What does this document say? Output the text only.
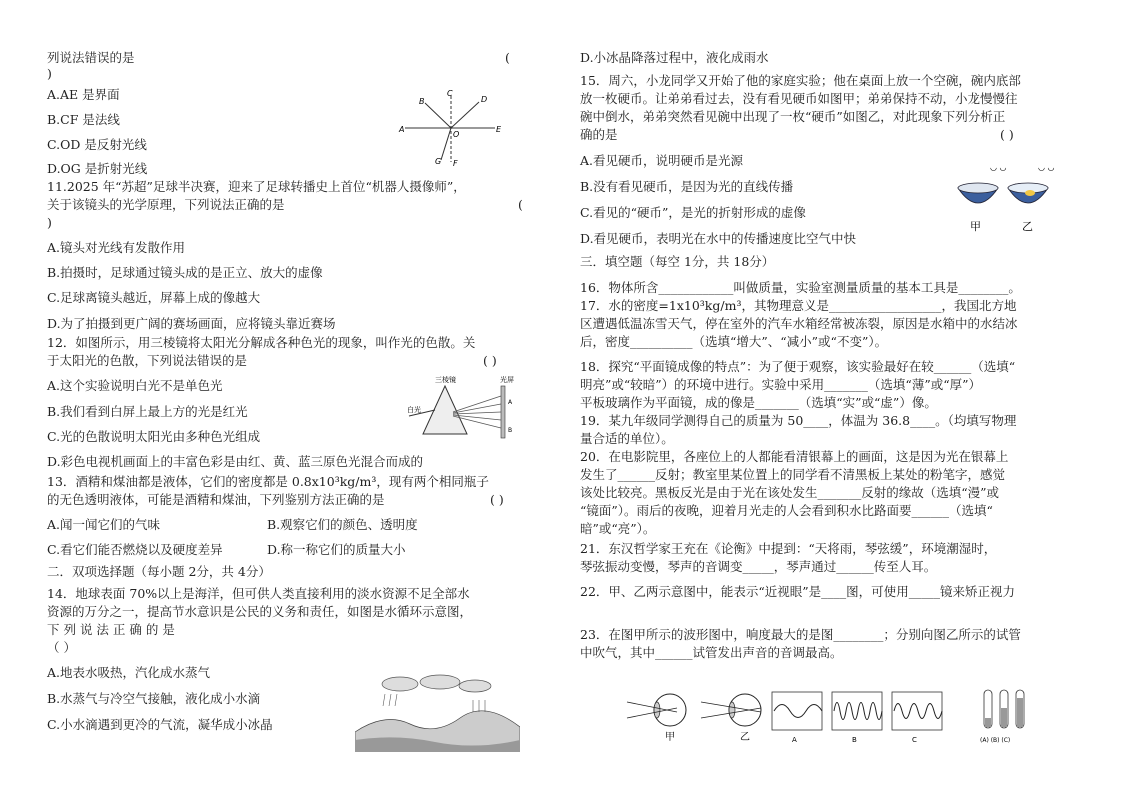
列说法错误的是	(
)
A.AE 是界面
B.CF 是法线
C.OD 是反射光线
D.OG 是折射光线
A
B
C
D
E
G F
O
11.2025 年“苏超”足球半决赛，迎来了足球转播史上首位“机器人摄像师”，
关于该镜头的光学原理，下列说法正确的是	(
)
A.镜头对光线有发散作用
B.拍摄时，足球通过镜头成的是正立、放大的虚像
C.足球离镜头越近，屏幕上成的像越大
D.为了拍摄到更广阔的赛场画面，应将镜头靠近赛场
12．如图所示，用三棱镜将太阳光分解成各种色光的现象，叫作光的色散。关
于太阳光的色散，下列说法错误的是	( )
A.这个实验说明白光不是单色光
B.我们看到白屏上最上方的光是红光
C.光的色散说明太阳光由多种色光组成
D.彩色电视机画面上的丰富色彩是由红、黄、蓝三原色光混合而成的
三棱镜	光屏
白光
A
B
13．酒精和煤油都是液体，它们的密度都是 0.8x10³kg/m³，现有两个相同瓶子
的无色透明液体，可能是酒精和煤油，下列鉴别方法正确的是	( )
A.闻一闻它们的气味	B.观察它们的颜色、透明度
C.看它们能否燃烧以及硬度差异	D.称一称它们的质量大小
二．双项选择题（每小题 2分，共 4分）
14．地球表面 70%以上是海洋，但可供人类直接利用的淡水资源不足全部水
资源的万分之一，提高节水意识是公民的义务和责任，如图是水循环示意图，
下 列 说 法 正 确 的 是
（ ）
A.地表水吸热，汽化成水蒸气
B.水蒸气与冷空气接触，液化成小水滴
C.小水滴遇到更冷的气流，凝华成小冰晶
D.小冰晶降落过程中，液化成雨水
15．周六，小龙同学又开始了他的家庭实验；他在桌面上放一个空碗，碗内底部
放一枚硬币。让弟弟看过去，没有看见硬币如图甲；弟弟保持不动，小龙慢慢往
碗中倒水，弟弟突然看见碗中出现了一枚“硬币”如图乙，对此现象下列分析正
确的是	( )
A.看见硬币，说明硬币是光源
B.没有看见硬币，是因为光的直线传播
C.看见的“硬币”，是光的折射形成的虚像
D.看见硬币，表明光在水中的传播速度比空气中快
◡ ◡	◡ ◡
甲	乙
三．填空题（每空 1分，共 18分）
16．物体所含____________叫做质量，实验室测量质量的基本工具是________。
17．水的密度=1x10³kg/m³，其物理意义是__________________，我国北方地
区遭遇低温冻雪天气，停在室外的汽车水箱经常被冻裂，原因是水箱中的水结冰
后，密度__________（选填“增大”、“减小”或“不变”）。
18．探究“平面镜成像的特点”：为了便于观察，该实验最好在较______（选填“
明亮”或“较暗”）的环境中进行。实验中采用_______（选填“薄”或“厚”）
平板玻璃作为平面镜，成的像是_______（选填“实”或“虚”）像。
19．某九年级同学测得自己的质量为 50____，体温为 36.8____。（均填写物理
量合适的单位）。
20．在电影院里，各座位上的人都能看清银幕上的画面，这是因为光在银幕上
发生了______反射；教室里某位置上的同学看不清黑板上某处的粉笔字，感觉
该处比较亮。黑板反光是由于光在该处发生_______反射的缘故（选填“漫”或
“镜面”）。雨后的夜晚，迎着月光走的人会看到积水比路面要______（选填“
暗”或“亮”）。
21．东汉哲学家王充在《论衡》中提到：“天将雨，琴弦缓”，环境潮湿时，
琴弦振动变慢，琴声的音调变_____，琴声通过______传至人耳。
22．甲、乙两示意图中，能表示“近视眼”是____图，可使用_____镜来矫正视力
23．在图甲所示的波形图中，响度最大的是图________；分别向图乙所示的试管
中吹气，其中______试管发出声音的音调最高。
甲	乙	A	B	C	(A) (B) (C)
